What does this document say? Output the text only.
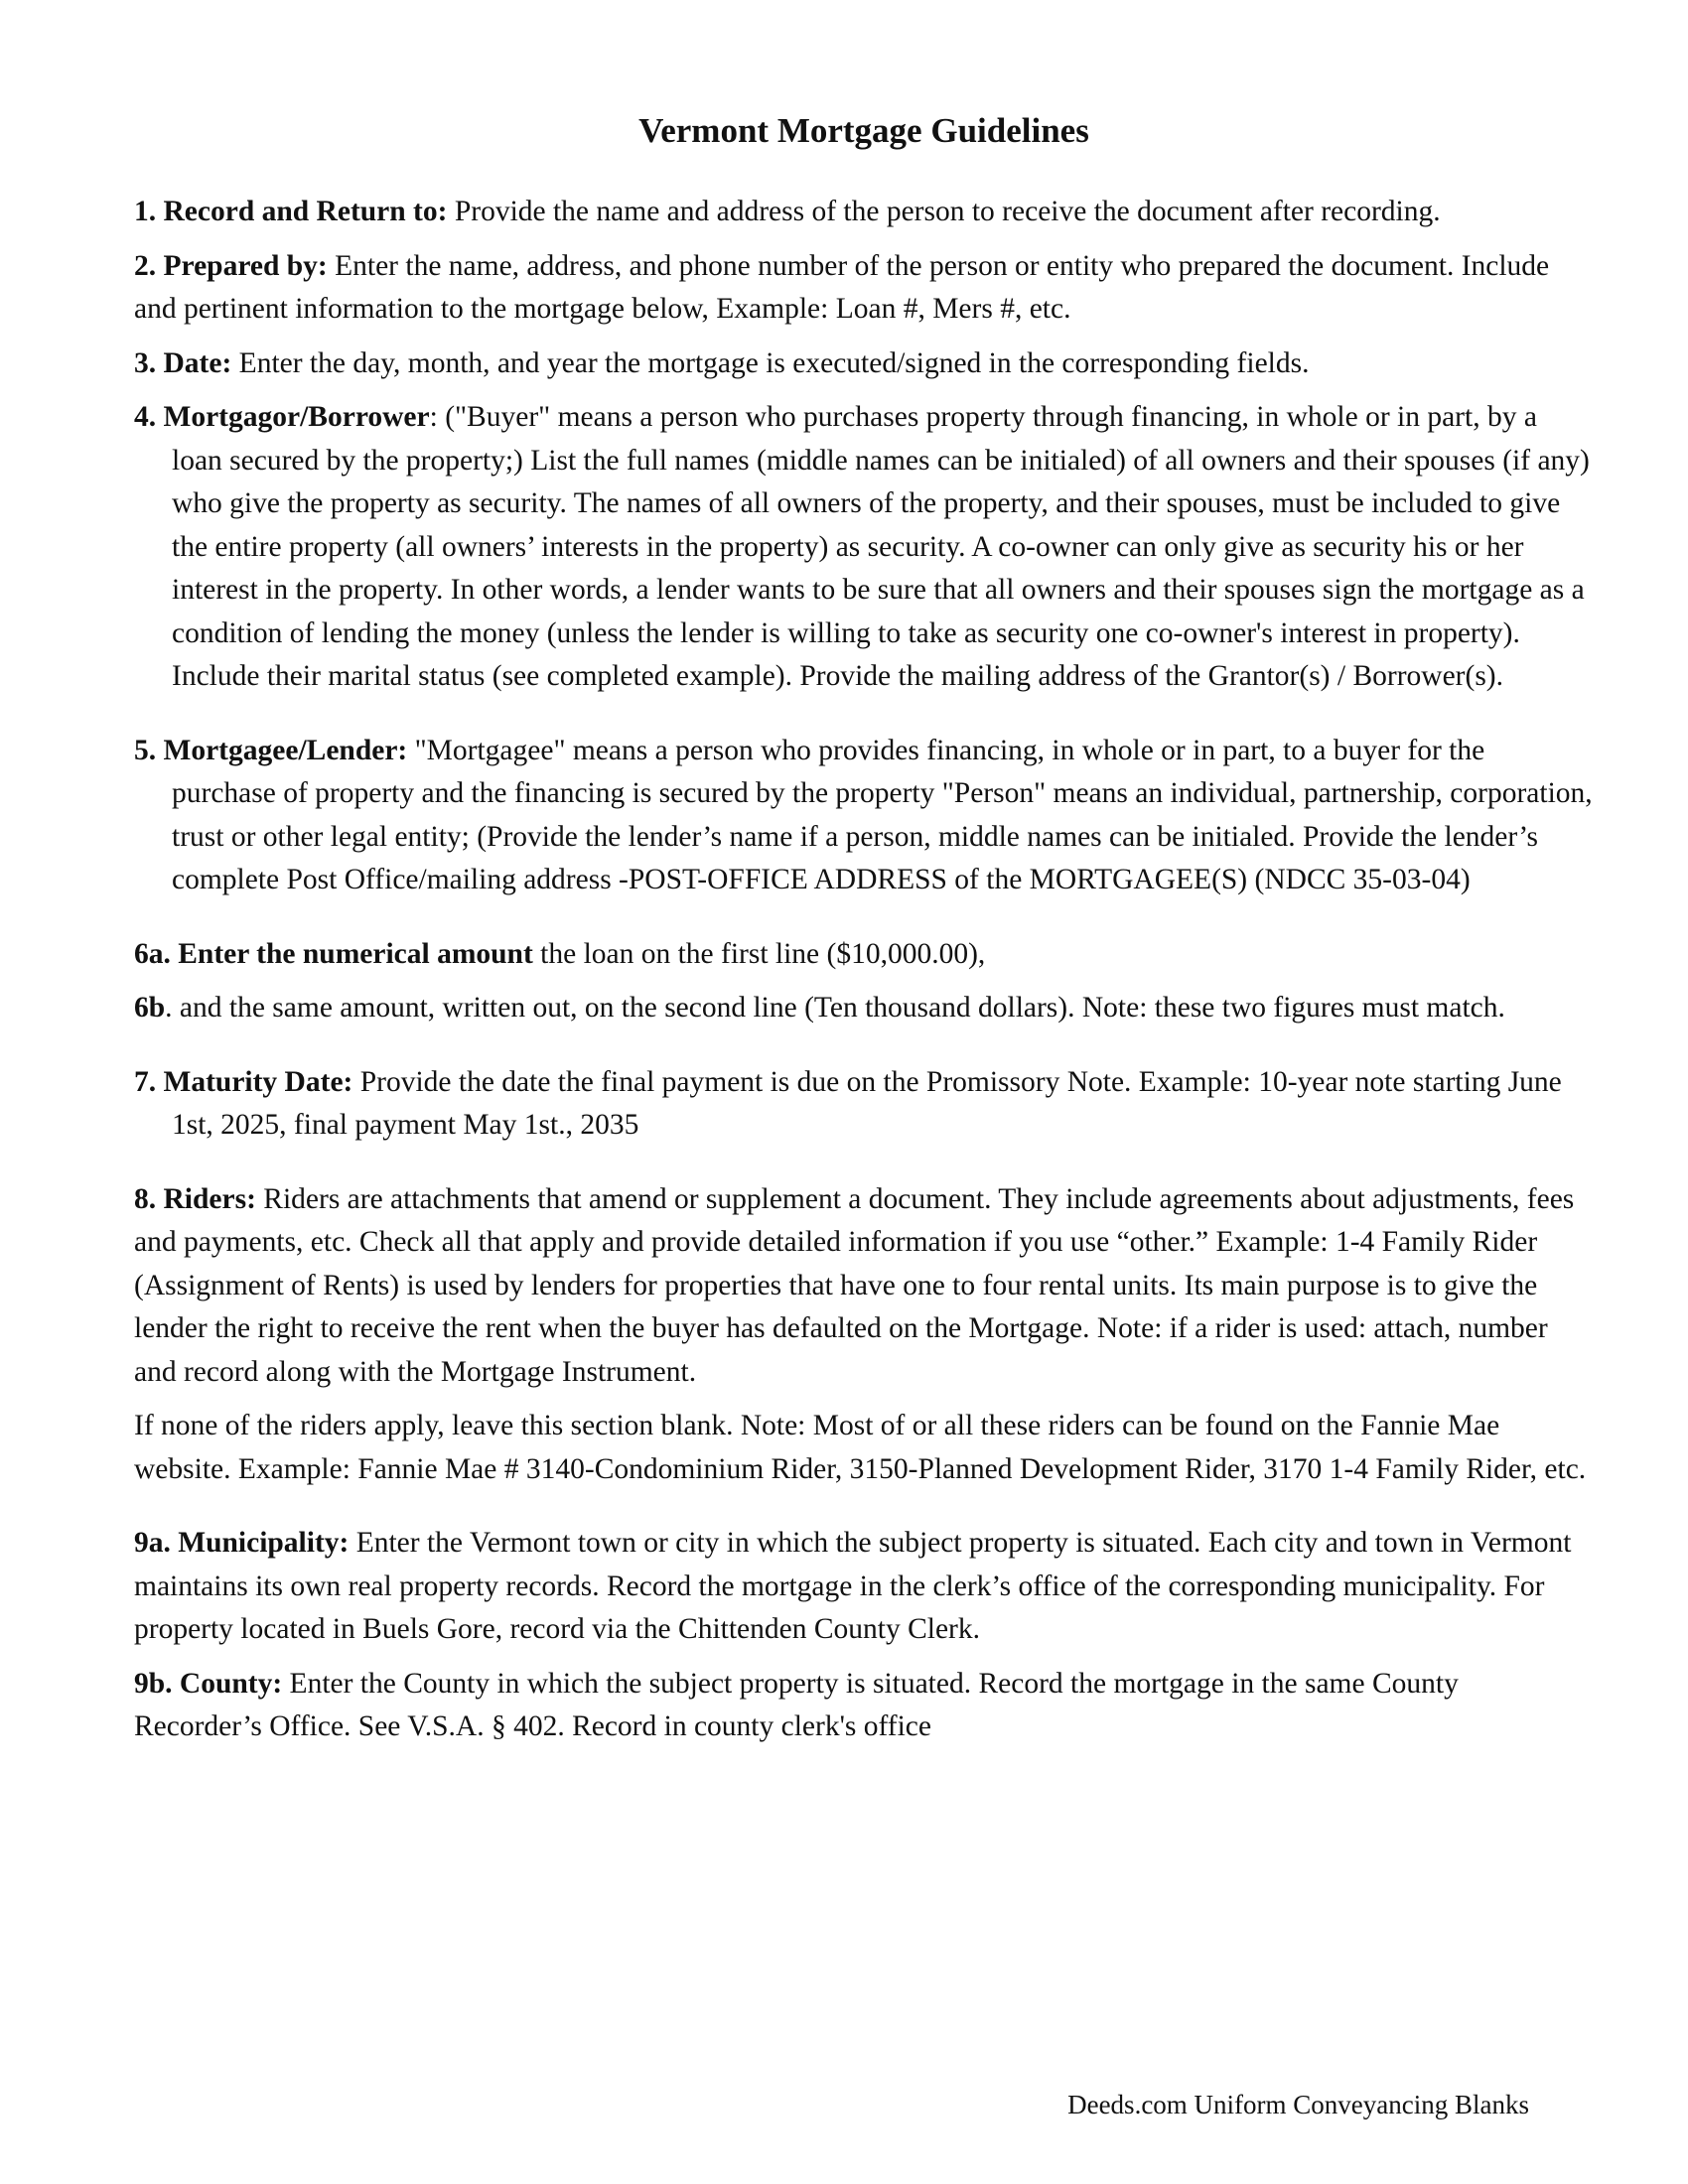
Vermont Mortgage Guidelines

1. Record and Return to: Provide the name and address of the person to receive the document after recording.

2. Prepared by: Enter the name, address, and phone number of the person or entity who prepared the document. Include and pertinent information to the mortgage below, Example: Loan #, Mers #, etc.

3. Date: Enter the day, month, and year the mortgage is executed/signed in the corresponding fields.

4. Mortgagor/Borrower: ("Buyer" means a person who purchases property through financing, in whole or in part, by a loan secured by the property;) List the full names (middle names can be initialed) of all owners and their spouses (if any) who give the property as security. The names of all owners of the property, and their spouses, must be included to give the entire property (all owners’ interests in the property) as security. A co-owner can only give as security his or her interest in the property. In other words, a lender wants to be sure that all owners and their spouses sign the mortgage as a condition of lending the money (unless the lender is willing to take as security one co-owner's interest in property). Include their marital status (see completed example). Provide the mailing address of the Grantor(s) / Borrower(s).

5. Mortgagee/Lender: "Mortgagee" means a person who provides financing, in whole or in part, to a buyer for the purchase of property and the financing is secured by the property "Person" means an individual, partnership, corporation, trust or other legal entity; (Provide the lender’s name if a person, middle names can be initialed. Provide the lender’s complete Post Office/mailing address -POST-OFFICE ADDRESS of the MORTGAGEE(S) (NDCC 35-03-04)

6a. Enter the numerical amount the loan on the first line ($10,000.00),

6b. and the same amount, written out, on the second line (Ten thousand dollars). Note: these two figures must match.

7. Maturity Date: Provide the date the final payment is due on the Promissory Note. Example: 10-year note starting June 1st, 2025, final payment May 1st., 2035

8. Riders: Riders are attachments that amend or supplement a document. They include agreements about adjustments, fees and payments, etc. Check all that apply and provide detailed information if you use “other.” Example: 1-4 Family Rider (Assignment of Rents) is used by lenders for properties that have one to four rental units. Its main purpose is to give the lender the right to receive the rent when the buyer has defaulted on the Mortgage. Note: if a rider is used: attach, number and record along with the Mortgage Instrument.

If none of the riders apply, leave this section blank. Note: Most of or all these riders can be found on the Fannie Mae website. Example: Fannie Mae # 3140-Condominium Rider, 3150-Planned Development Rider, 3170 1-4 Family Rider, etc.

9a. Municipality: Enter the Vermont town or city in which the subject property is situated. Each city and town in Vermont maintains its own real property records. Record the mortgage in the clerk’s office of the corresponding municipality. For property located in Buels Gore, record via the Chittenden County Clerk.

9b. County: Enter the County in which the subject property is situated. Record the mortgage in the same County Recorder’s Office. See V.S.A. § 402. Record in county clerk's office

Deeds.com Uniform Conveyancing Blanks
